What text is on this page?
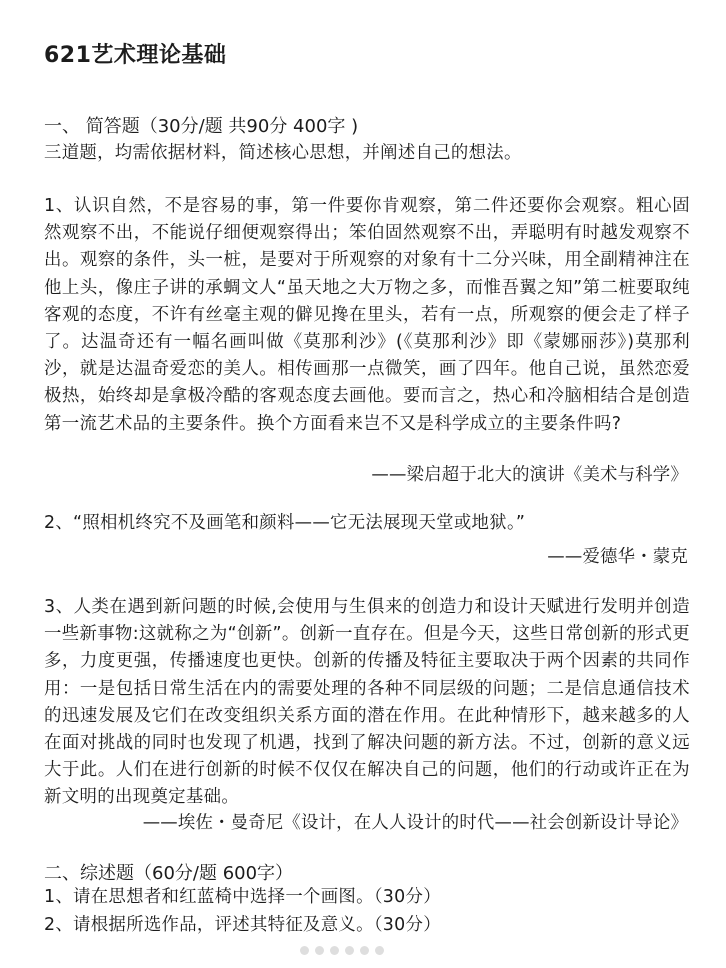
621艺术理论基础
一、 简答题（30分/题 共90分 400字 )
三道题，均需依据材料，简述核心思想，并阐述自己的想法。

1、认识自然，不是容易的事，第一件要你肯观察，第二件还要你会观察。粗心固然观察不出，不能说仔细便观察得出；笨伯固然观察不出，弄聪明有时越发观察不出。观察的条件，头一桩，是要对于所观察的对象有十二分兴味，用全副精神注在他上头，像庄子讲的承蜩文人“虽天地之大万物之多，而惟吾翼之知”第二桩要取纯客观的态度，不许有丝毫主观的僻见搀在里头，若有一点，所观察的便会走了样子了。达温奇还有一幅名画叫做《莫那利沙》(《莫那利沙》即《蒙娜丽莎》)莫那利沙，就是达温奇爱恋的美人。相传画那一点微笑，画了四年。他自己说，虽然恋爱极热，始终却是拿极冷酷的客观态度去画他。要而言之，热心和冷脑相结合是创造第一流艺术品的主要条件。换个方面看来岂不又是科学成立的主要条件吗?

——梁启超于北大的演讲《美术与科学》
2、“照相机终究不及画笔和颜料——它无法展现天堂或地狱。”
——爱德华・蒙克

3、人类在遇到新问题的时候,会使用与生俱来的创造力和设计天赋进行发明并创造一些新事物:这就称之为“创新”。创新一直存在。但是今天，这些日常创新的形式更多，力度更强，传播速度也更快。创新的传播及特征主要取决于两个因素的共同作用：一是包括日常生活在内的需要处理的各种不同层级的问题；二是信息通信技术的迅速发展及它们在改变组织关系方面的潜在作用。在此种情形下，越来越多的人在面对挑战的同时也发现了机遇，找到了解决问题的新方法。不过，创新的意义远大于此。人们在进行创新的时候不仅仅在解决自己的问题，他们的行动或许正在为新文明的出现奠定基础。

——埃佐・曼奇尼《设计，在人人设计的时代——社会创新设计导论》
二、综述题（60分/题 600字）
1、请在思想者和红蓝椅中选择一个画图。（30分）
2、请根据所选作品，评述其特征及意义。（30分）
